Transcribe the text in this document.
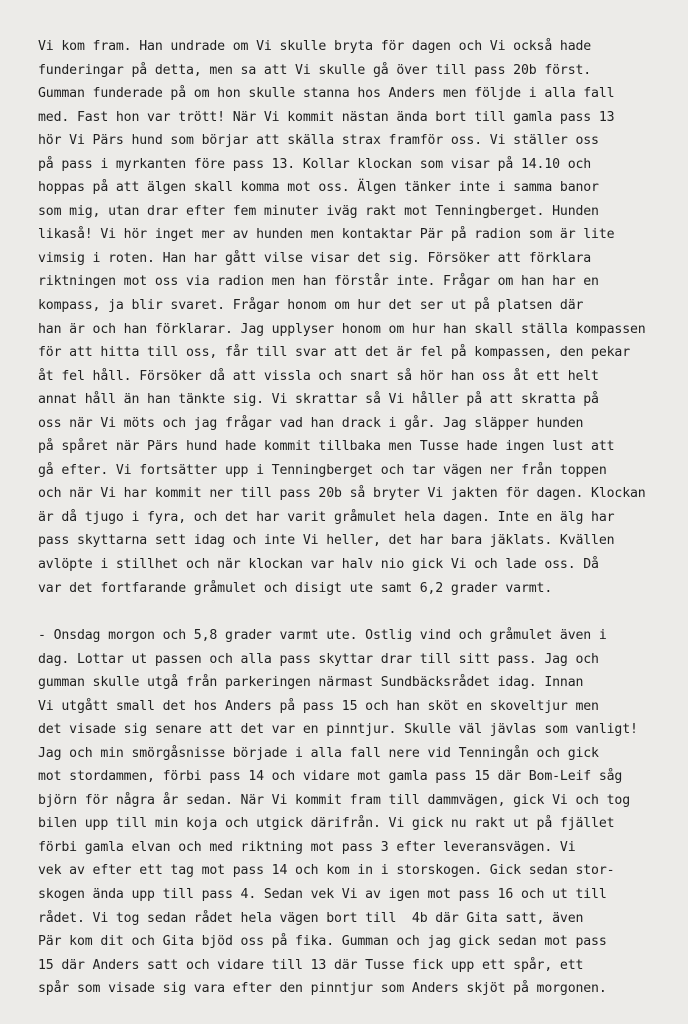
Vi kom fram. Han undrade om Vi skulle bryta för dagen och Vi också hade
funderingar på detta, men sa att Vi skulle gå över till pass 20b först.
Gumman funderade på om hon skulle stanna hos Anders men följde i alla fall
med. Fast hon var trött! När Vi kommit nästan ända bort till gamla pass 13
hör Vi Pärs hund som börjar att skälla strax framför oss. Vi ställer oss
på pass i myrkanten före pass 13. Kollar klockan som visar på 14.10 och
hoppas på att älgen skall komma mot oss. Älgen tänker inte i samma banor
som mig, utan drar efter fem minuter iväg rakt mot Tenningberget. Hunden
likaså! Vi hör inget mer av hunden men kontaktar Pär på radion som är lite
vimsig i roten. Han har gått vilse visar det sig. Försöker att förklara
riktningen mot oss via radion men han förstår inte. Frågar om han har en
kompass, ja blir svaret. Frågar honom om hur det ser ut på platsen där
han är och han förklarar. Jag upplyser honom om hur han skall ställa kompassen
för att hitta till oss, får till svar att det är fel på kompassen, den pekar
åt fel håll. Försöker då att vissla och snart så hör han oss åt ett helt
annat håll än han tänkte sig. Vi skrattar så Vi håller på att skratta på
oss när Vi möts och jag frågar vad han drack i går. Jag släpper hunden
på spåret när Pärs hund hade kommit tillbaka men Tusse hade ingen lust att
gå efter. Vi fortsätter upp i Tenningberget och tar vägen ner från toppen
och när Vi har kommit ner till pass 20b så bryter Vi jakten för dagen. Klockan
är då tjugo i fyra, och det har varit gråmulet hela dagen. Inte en älg har
pass skyttarna sett idag och inte Vi heller, det har bara jäklats. Kvällen
avlöpte i stillhet och när klockan var halv nio gick Vi och lade oss. Då
var det fortfarande gråmulet och disigt ute samt 6,2 grader varmt.
- Onsdag morgon och 5,8 grader varmt ute. Ostlig vind och gråmulet även i
dag. Lottar ut passen och alla pass skyttar drar till sitt pass. Jag och
gumman skulle utgå från parkeringen närmast Sundbäcksrådet idag. Innan
Vi utgått small det hos Anders på pass 15 och han sköt en skoveltjur men
det visade sig senare att det var en pinntjur. Skulle väl jävlas som vanligt!
Jag och min smörgåsnisse började i alla fall nere vid Tenningån och gick
mot stordammen, förbi pass 14 och vidare mot gamla pass 15 där Bom-Leif såg
björn för några år sedan. När Vi kommit fram till dammvägen, gick Vi och tog
bilen upp till min koja och utgick därifrån. Vi gick nu rakt ut på fjället
förbi gamla elvan och med riktning mot pass 3 efter leveransvägen. Vi
vek av efter ett tag mot pass 14 och kom in i storskogen. Gick sedan stor-
skogen ända upp till pass 4. Sedan vek Vi av igen mot pass 16 och ut till
rådet. Vi tog sedan rådet hela vägen bort till  4b där Gita satt, även
Pär kom dit och Gita bjöd oss på fika. Gumman och jag gick sedan mot pass
15 där Anders satt och vidare till 13 där Tusse fick upp ett spår, ett
spår som visade sig vara efter den pinntjur som Anders skjöt på morgonen.
